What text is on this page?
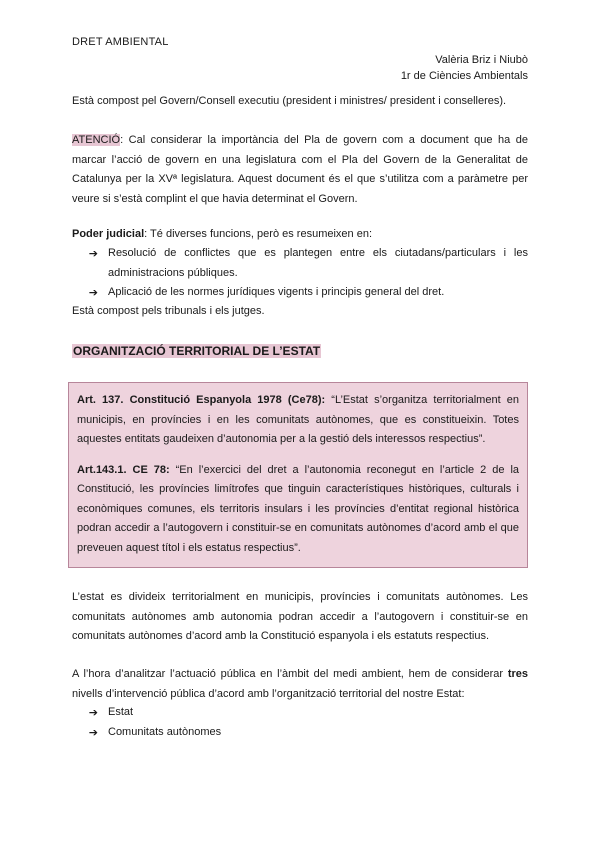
DRET AMBIENTAL
Valèria Briz i Niubò
1r de Ciències Ambientals
Està compost pel Govern/Consell executiu (president i ministres/ president i conselleres).
ATENCIÓ: Cal considerar la importància del Pla de govern com a document que ha de marcar l’acció de govern en una legislatura com el Pla del Govern de la Generalitat de Catalunya per la XVª legislatura. Aquest document és el que s’utilitza com a paràmetre per veure si s’està complint el que havia determinat el Govern.
Poder judicial: Té diverses funcions, però es resumeixen en:
➔ Resolució de conflictes que es plantegen entre els ciutadans/particulars i les administracions públiques.
➔ Aplicació de les normes jurídiques vigents i principis general del dret.
Està compost pels tribunals i els jutges.
ORGANITZACIÓ TERRITORIAL DE L’ESTAT

Art. 137. Constitució Espanyola 1978 (Ce78): “L’Estat s’organitza territorialment en municipis, en províncies i en les comunitats autònomes, que es constitueixin. Totes aquestes entitats gaudeixen d’autonomia per a la gestió dels interessos respectius”.

Art.143.1. CE 78: “En l’exercici del dret a l’autonomia reconegut en l’article 2 de la Constitució, les províncies limítrofes que tinguin característiques històriques, culturals i econòmiques comunes, els territoris insulars i les províncies d’entitat regional històrica podran accedir a l’autogovern i constituir-se en comunitats autònomes d’acord amb el que preveuen aquest títol i els estatus respectius”.

L’estat es divideix territorialment en municipis, províncies i comunitats autònomes. Les comunitats autònomes amb autonomia podran accedir a l’autogovern i constituir-se en comunitats autònomes d’acord amb la Constitució espanyola i els estatuts respectius.
A l’hora d’analitzar l’actuació pública en l’àmbit del medi ambient, hem de considerar tres nivells d’intervenció pública d’acord amb l’organització territorial del nostre Estat:
➔ Estat
➔ Comunitats autònomes
